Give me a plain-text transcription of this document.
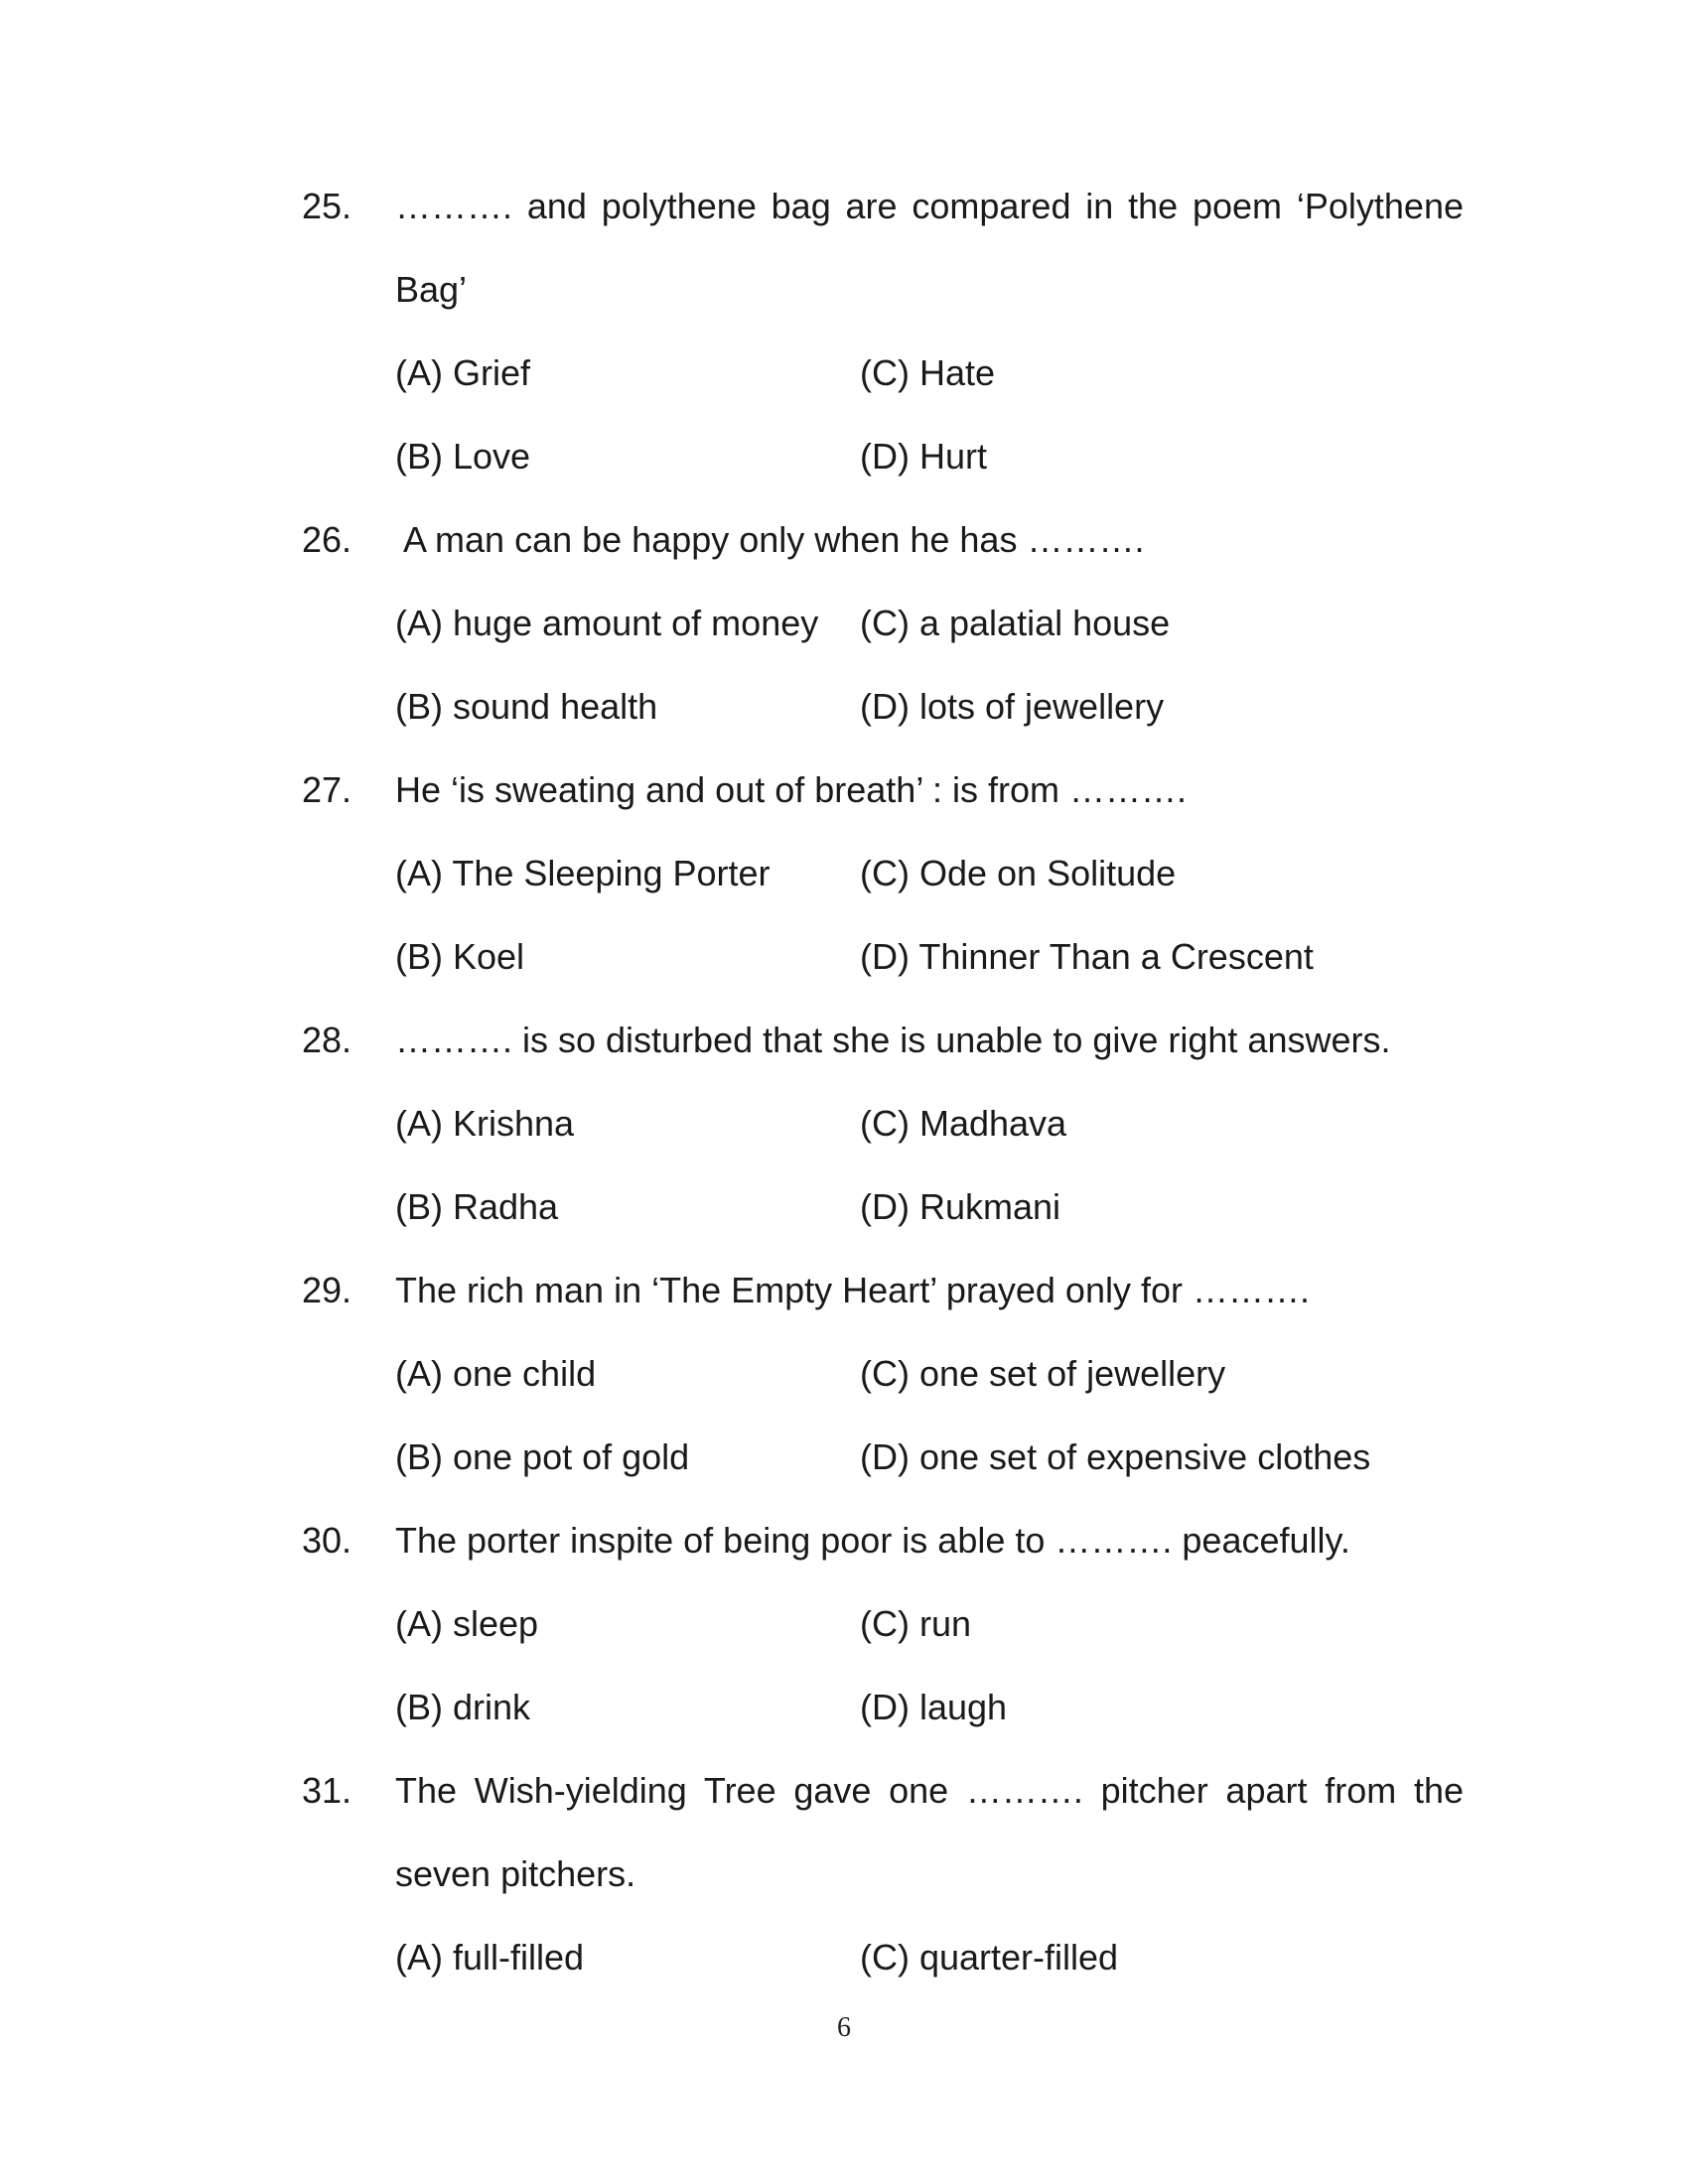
25. ………. and polythene bag are compared in the poem ‘Polythene
Bag’
(A) Grief	(C) Hate
(B) Love	(D) Hurt
26. A man can be happy only when he has ……….
(A) huge amount of money (C) a palatial house
(B) sound health	(D) lots of jewellery
27. He ‘is sweating and out of breath’ : is from ……….
(A) The Sleeping Porter	(C) Ode on Solitude
(B) Koel	(D) Thinner Than a Crescent
28. ………. is so disturbed that she is unable to give right answers.
(A) Krishna	(C) Madhava
(B) Radha	(D) Rukmani
29. The rich man in ‘The Empty Heart’ prayed only for ……….
(A) one child	(C) one set of jewellery
(B) one pot of gold	(D) one set of expensive clothes
30. The porter inspite of being poor is able to ………. peacefully.
(A) sleep	(C) run
(B) drink	(D) laugh
31. The Wish-yielding Tree gave one ………. pitcher apart from the
seven pitchers.
(A) full-filled	(C) quarter-filled
6
